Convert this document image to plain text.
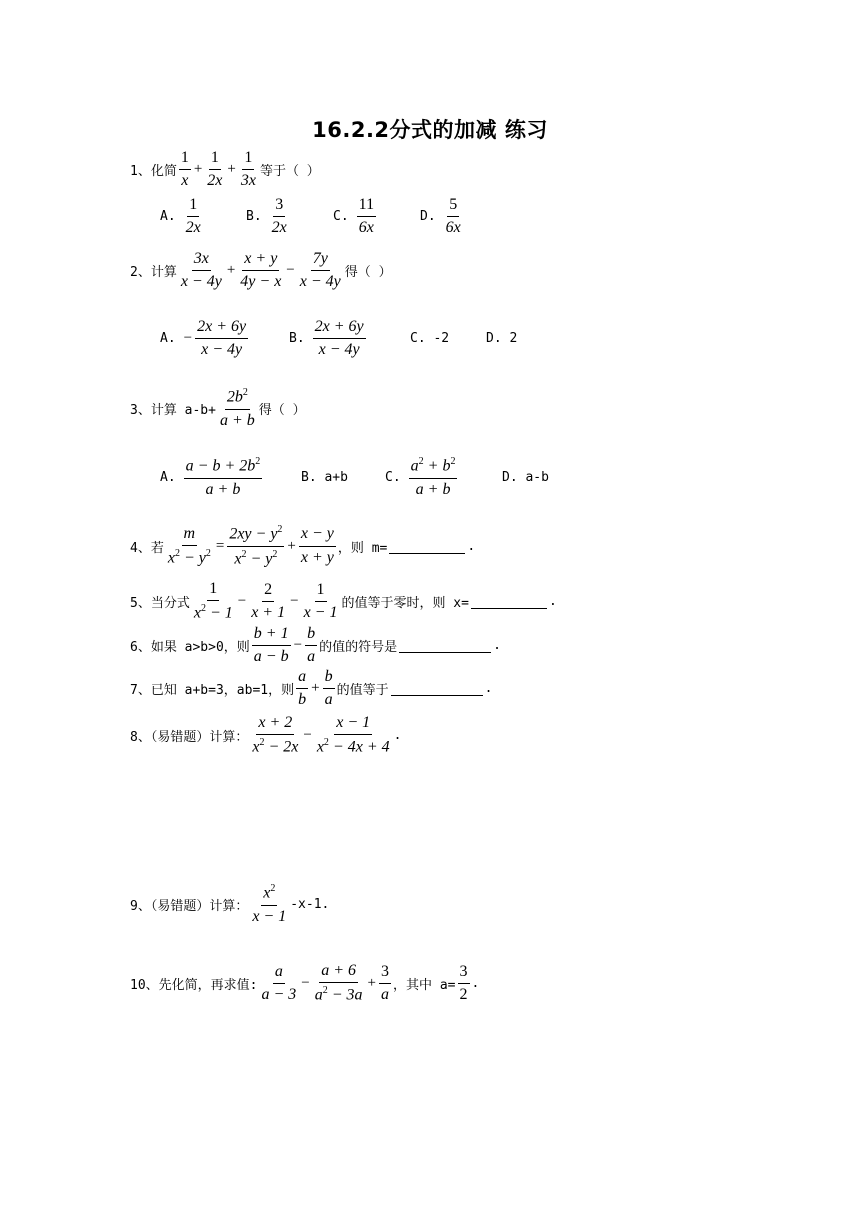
16.2.2分式的加减 练习
1、化简 $\frac{1}{x} + \frac{1}{2x} + \frac{1}{3x}$ 等于（ ）
A. $\frac{1}{2x}$	B. $\frac{3}{2x}$	C. $\frac{11}{6x}$	D. $\frac{5}{6x}$
2、计算 $\frac{3x}{x - 4y} + \frac{x + y}{4y - x} - \frac{7y}{x - 4y}$ 得（ ）
A. − $\frac{2x + 6y}{x - 4y}$	B. $\frac{2x + 6y}{x - 4y}$	C. -2	D. 2
3、计算 $a-b+ \frac{2b^2}{a + b}$ 得（ ）
A. $\frac{a - b + 2b^2}{a + b}$	B. a+b	C. $\frac{a^2 + b^2}{a + b}$	D. a-b
4、若 $\frac{m}{x^2 - y^2} = \frac{2xy - y^2}{x^2 - y^2} + \frac{x - y}{x + y}$ ，则 m=	.
5、当分式 $\frac{1}{x^2 - 1} - \frac{2}{x + 1} - \frac{1}{x - 1}$ 的值等于零时，则 x=	.
6、如果 a>b>0，则 $\frac{b + 1}{a - b} - \frac{b}{a}$ 的值的符号是	.
7、已知 a+b=3，ab=1，则 $\frac{a}{b} + \frac{b}{a}$ 的值等于	.
8、（易错题）计算： $\frac{x + 2}{x^2 - 2x} - \frac{x - 1}{x^2 - 4x + 4}$ .
9、（易错题）计算： $\frac{x^2}{x - 1} -x-1$.
10、先化简，再求值: $\frac{a}{a - 3} - \frac{a + 6}{a^2 - 3a} + \frac{3}{a}$ ，其中 $a= \frac{3}{2}$ .
